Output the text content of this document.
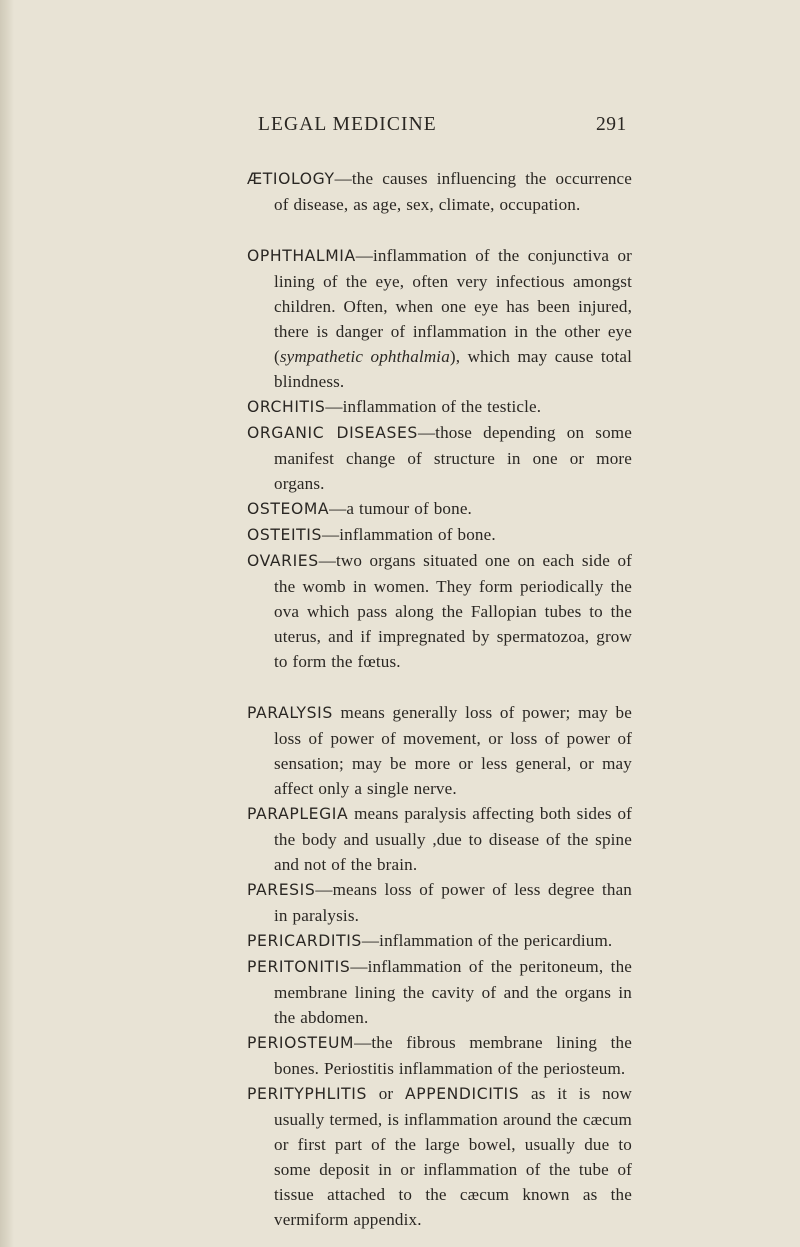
LEGAL MEDICINE	291

ÆTIOLOGY—the causes influencing the occurrence of disease, as age, sex, climate, occupation.

OPHTHALMIA—inflammation of the conjunctiva or lining of the eye, often very infectious amongst children. Often, when one eye has been injured, there is danger of inflammation in the other eye (sympathetic ophthalmia), which may cause total blindness.

ORCHITIS—inflammation of the testicle.

ORGANIC DISEASES—those depending on some manifest change of structure in one or more organs.

OSTEOMA—a tumour of bone.

OSTEITIS—inflammation of bone.

OVARIES—two organs situated one on each side of the womb in women. They form periodically the ova which pass along the Fallopian tubes to the uterus, and if impregnated by spermatozoa, grow to form the fœtus.

PARALYSIS means generally loss of power; may be loss of power of movement, or loss of power of sensation; may be more or less general, or may affect only a single nerve.

PARAPLEGIA means paralysis affecting both sides of the body and usually ,due to disease of the spine and not of the brain.

PARESIS—means loss of power of less degree than in paralysis.

PERICARDITIS—inflammation of the pericardium.

PERITONITIS—inflammation of the peritoneum, the membrane lining the cavity of and the organs in the abdomen.

PERIOSTEUM—the fibrous membrane lining the bones. Periostitis inflammation of the periosteum.

PERITYPHLITIS or APPENDICITIS as it is now usually termed, is inflammation around the cæcum or first part of the large bowel, usually due to some deposit in or inflammation of the tube of tissue attached to the cæcum known as the vermiform appendix.
